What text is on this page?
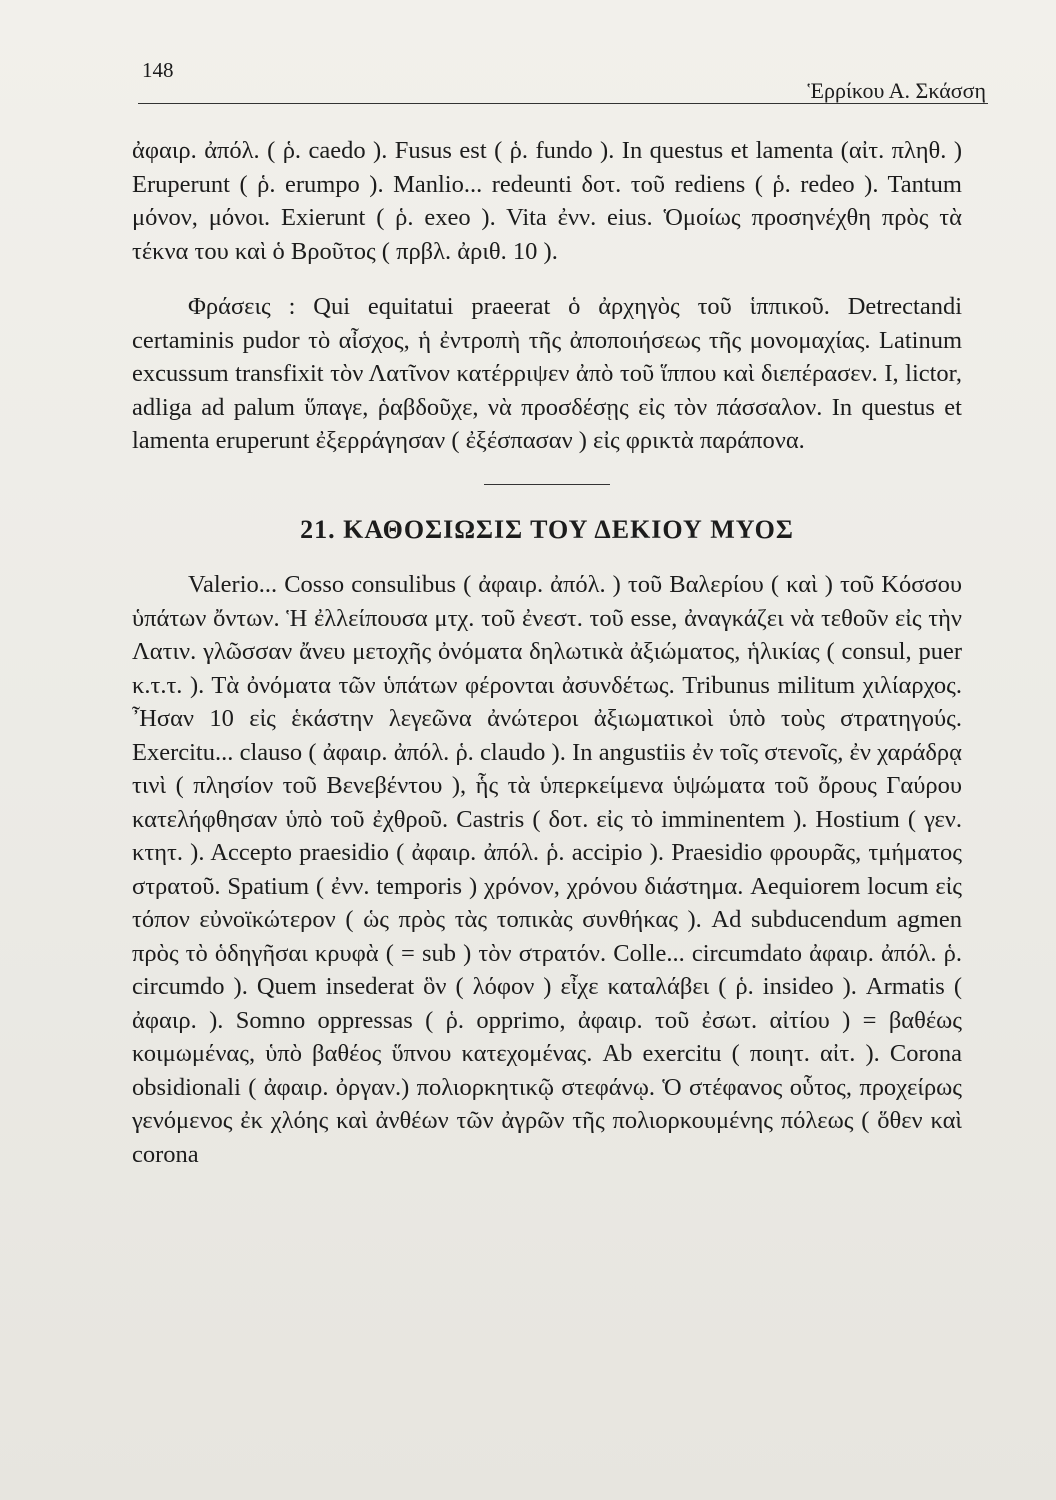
148
Ἑρρίκου Α. Σκάσση

ἀφαιρ. ἀπόλ. ( ῥ. caedo ). Fusus est ( ῥ. fundo ). In questus et lamenta (αἰτ. πληθ. ) Eruperunt ( ῥ. erumpo ). Manlio... redeunti δοτ. τοῦ rediens ( ῥ. redeo ). Tantum μόνον, μόνοι. Exierunt ( ῥ. exeo ). Vita ἐνν. eius. Ὁμοίως προσηνέχθη πρὸς τὰ τέκνα του καὶ ὁ Βροῦτος ( πρβλ. ἀριθ. 10 ).

Φράσεις : Qui equitatui praeerat ὁ ἀρχηγὸς τοῦ ἱππικοῦ. Detrectandi certaminis pudor τὸ αἶσχος, ἡ ἐντροπὴ τῆς ἀποποιήσεως τῆς μονομαχίας. Latinum excussum transfixit τὸν Λατῖνον κατέρριψεν ἀπὸ τοῦ ἵππου καὶ διεπέρασεν. I, lictor, adliga ad palum ὕπαγε, ῥαβδοῦχε, νὰ προσδέσῃς εἰς τὸν πάσσαλον. In questus et lamenta eruperunt ἐξερράγησαν ( ἐξέσπασαν ) εἰς φρικτὰ παράπονα.

21. ΚΑΘΟΣΙΩΣΙΣ ΤΟΥ ΔΕΚΙΟΥ ΜΥΟΣ

Valerio... Cosso consulibus ( ἀφαιρ. ἀπόλ. ) τοῦ Βαλερίου ( καὶ ) τοῦ Κόσσου ὑπάτων ὄντων. Ἡ ἐλλείπουσα μτχ. τοῦ ἐνεστ. τοῦ esse, ἀναγκάζει νὰ τεθοῦν εἰς τὴν Λατιν. γλῶσσαν ἄνευ μετοχῆς ὀνόματα δηλωτικὰ ἀξιώματος, ἡλικίας ( consul, puer κ.τ.τ. ). Τὰ ὀνόματα τῶν ὑπάτων φέρονται ἀσυνδέτως. Tribunus militum χιλίαρχος. Ἦσαν 10 εἰς ἑκάστην λεγεῶνα ἀνώτεροι ἀξιωματικοὶ ὑπὸ τοὺς στρατηγούς. Exercitu... clauso ( ἀφαιρ. ἀπόλ. ῥ. claudo ). In angustiis ἐν τοῖς στενοῖς, ἐν χαράδρᾳ τινὶ ( πλησίον τοῦ Βενεβέντου ), ἧς τὰ ὑπερκείμενα ὑψώματα τοῦ ὄρους Γαύρου κατελήφθησαν ὑπὸ τοῦ ἐχθροῦ. Castris ( δοτ. εἰς τὸ imminentem ). Hostium ( γεν. κτητ. ). Accepto praesidio ( ἀφαιρ. ἀπόλ. ῥ. accipio ). Praesidio φρουρᾶς, τμήματος στρατοῦ. Spatium ( ἐνν. temporis ) χρόνον, χρόνου διάστημα. Aequiorem locum εἰς τόπον εὐνοϊκώτερον ( ὡς πρὸς τὰς τοπικὰς συνθήκας ). Ad subducendum agmen πρὸς τὸ ὁδηγῆσαι κρυφὰ ( = sub ) τὸν στρατόν. Colle... circumdato ἀφαιρ. ἀπόλ. ῥ. circumdo ). Quem insederat ὃν ( λόφον ) εἶχε καταλάβει ( ῥ. insideo ). Armatis ( ἀφαιρ. ). Somno oppressas ( ῥ. opprimo, ἀφαιρ. τοῦ ἐσωτ. αἰτίου ) = βαθέως κοιμωμένας, ὑπὸ βαθέος ὕπνου κατεχομένας. Ab exercitu ( ποιητ. αἰτ. ). Corona obsidionali ( ἀφαιρ. ὀργαν.) πολιορκητικῷ στεφάνῳ. Ὁ στέφανος οὗτος, προχείρως γενόμενος ἐκ χλόης καὶ ἀνθέων τῶν ἀγρῶν τῆς πολιορκουμένης πόλεως ( ὅθεν καὶ corona
